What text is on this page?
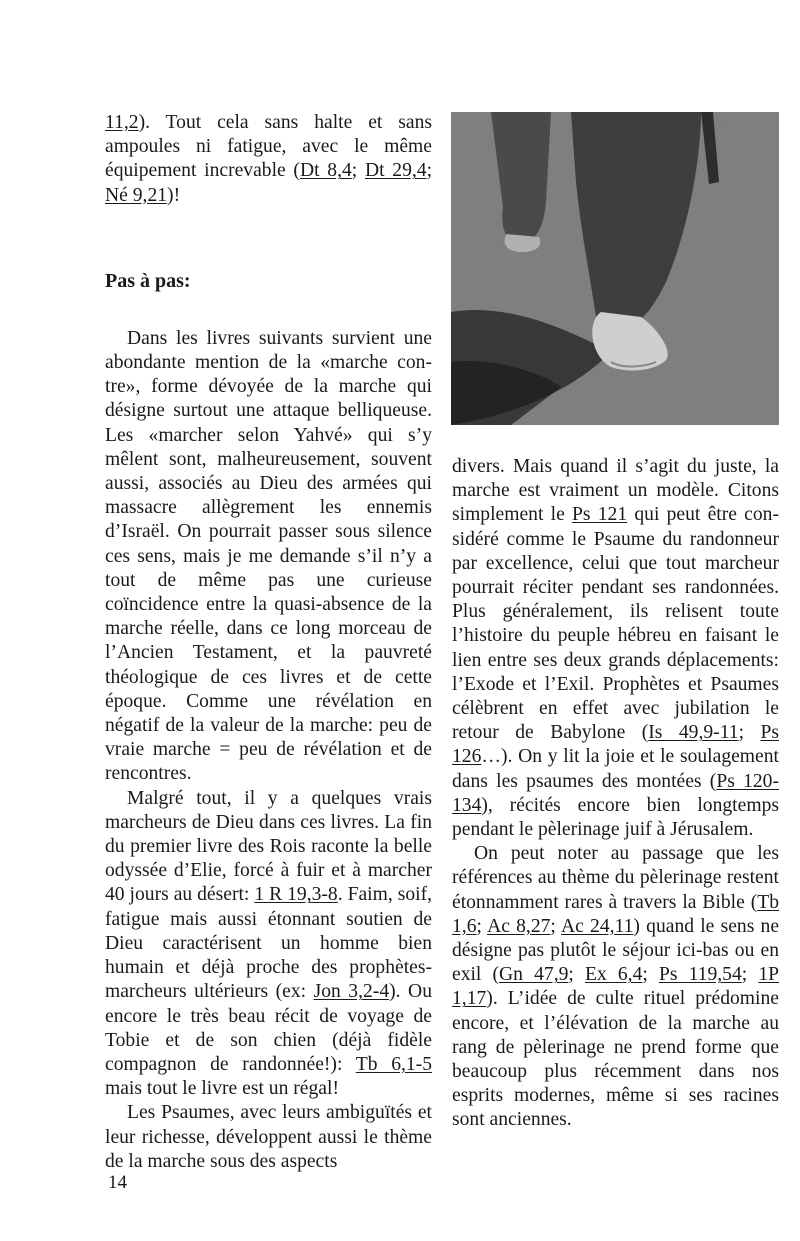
11,2). Tout cela sans halte et sans ampoules ni fatigue, avec le même équipement increvable (Dt 8,4; Dt 29,4; Né 9,21)!

Pas à pas:

Dans les livres suivants survient une abondante mention de la «marche contre», forme dévoyée de la marche qui désigne surtout une attaque belliqueuse. Les «marcher selon Yahvé» qui s’y mêlent sont, malheureusement, souvent aussi, associés au Dieu des armées qui massacre allègrement les ennemis d’Israël. On pourrait passer sous silence ces sens, mais je me demande s’il n’y a tout de même pas une curieuse coïncidence entre la quasi-absence de la marche réelle, dans ce long morceau de l’Ancien Testament, et la pauvreté théologique de ces livres et de cette époque. Comme une révélation en négatif de la valeur de la marche: peu de vraie marche = peu de révélation et de rencontres.

Malgré tout, il y a quelques vrais marcheurs de Dieu dans ces livres. La fin du premier livre des Rois raconte la belle odyssée d’Elie, forcé à fuir et à marcher 40 jours au désert: 1 R 19,3-8. Faim, soif, fatigue mais aussi étonnant soutien de Dieu caractérisent un homme bien humain et déjà proche des prophètes-marcheurs ultérieurs (ex: Jon 3,2-4). Ou encore le très beau récit de voyage de Tobie et de son chien (déjà fidèle compagnon de randonnée!): Tb 6,1-5 mais tout le livre est un régal!

Les Psaumes, avec leurs ambiguïtés et leur richesse, développent aussi le thème de la marche sous des aspects

divers. Mais quand il s’agit du juste, la marche est vraiment un modèle. Citons simplement le Ps 121 qui peut être considéré comme le Psaume du randonneur par excellence, celui que tout marcheur pourrait réciter pendant ses randonnées. Plus généralement, ils relisent toute l’histoire du peuple hébreu en faisant le lien entre ses deux grands déplacements: l’Exode et l’Exil. Prophètes et Psaumes célèbrent en effet avec jubilation le retour de Babylone (Is 49,9-11; Ps 126…). On y lit la joie et le soulagement dans les psaumes des montées (Ps 120-134), récités encore bien longtemps pendant le pèlerinage juif à Jérusalem.

On peut noter au passage que les références au thème du pèlerinage restent étonnamment rares à travers la Bible (Tb 1,6; Ac 8,27; Ac 24,11) quand le sens ne désigne pas plutôt le séjour ici-bas ou en exil (Gn 47,9; Ex 6,4; Ps 119,54; 1P 1,17). L’idée de culte rituel prédomine encore, et l’élévation de la marche au rang de pèlerinage ne prend forme que beaucoup plus récemment dans nos esprits modernes, même si ses racines sont anciennes.

14
